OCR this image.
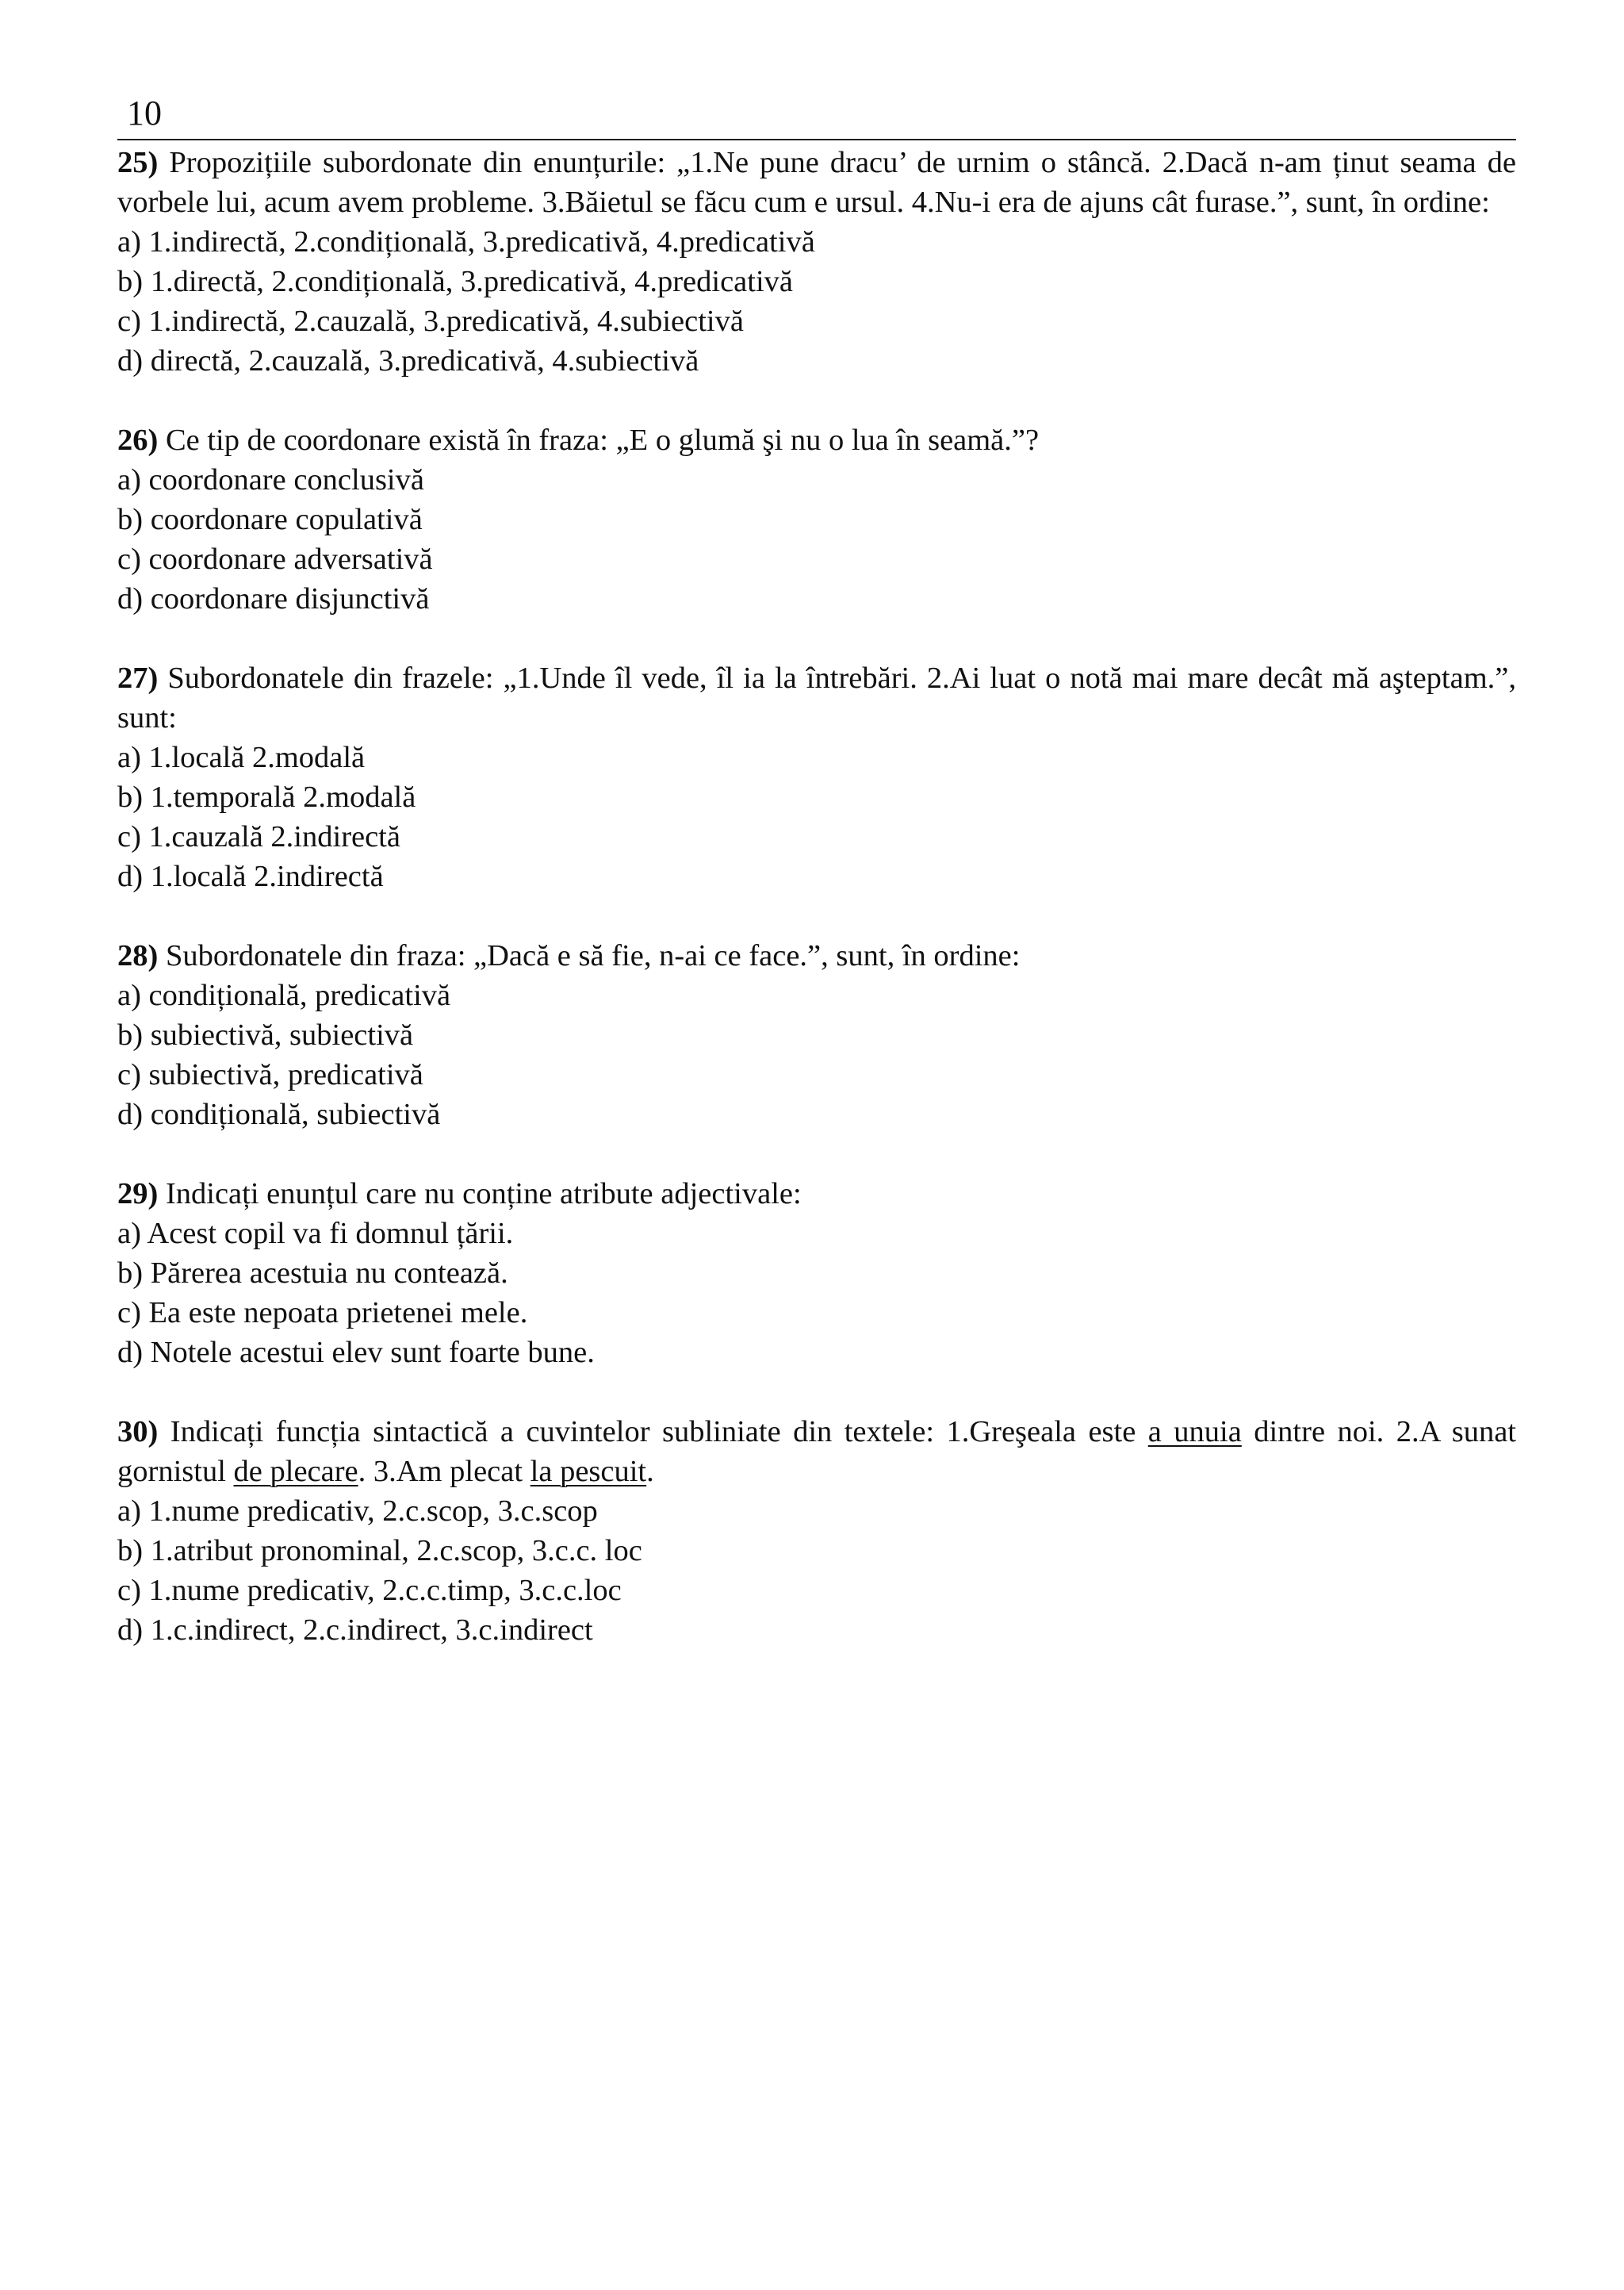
10
25) Propozițiile subordonate din enunțurile: „1.Ne pune dracu’ de urnim o stâncă. 2.Dacă n-am ținut seama de vorbele lui, acum avem probleme. 3.Băietul se făcu cum e ursul. 4.Nu-i era de ajuns cât furase.”, sunt, în ordine:
a) 1.indirectă, 2.condițională, 3.predicativă, 4.predicativă
b) 1.directă, 2.condițională, 3.predicativă, 4.predicativă
c) 1.indirectă, 2.cauzală, 3.predicativă, 4.subiectivă
d) directă, 2.cauzală, 3.predicativă, 4.subiectivă
26) Ce tip de coordonare există în fraza: „E o glumă şi nu o lua în seamă.”?
a) coordonare conclusivă
b) coordonare copulativă
c) coordonare adversativă
d) coordonare disjunctivă
27) Subordonatele din frazele: „1.Unde îl vede, îl ia la întrebări. 2.Ai luat o notă mai mare decât mă aşteptam.”, sunt:
a) 1.locală 2.modală
b) 1.temporală 2.modală
c) 1.cauzală 2.indirectă
d) 1.locală 2.indirectă
28) Subordonatele din fraza: „Dacă e să fie, n-ai ce face.”, sunt, în ordine:
a) condițională, predicativă
b) subiectivă, subiectivă
c) subiectivă, predicativă
d) condițională, subiectivă
29) Indicați enunțul care nu conține atribute adjectivale:
a) Acest copil va fi domnul țării.
b) Părerea acestuia nu contează.
c) Ea este nepoata prietenei mele.
d) Notele acestui elev sunt foarte bune.
30) Indicați funcția sintactică a cuvintelor subliniate din textele: 1.Greşeala este a unuia dintre noi. 2.A sunat gornistul de plecare. 3.Am plecat la pescuit.
a) 1.nume predicativ, 2.c.scop, 3.c.scop
b) 1.atribut pronominal, 2.c.scop, 3.c.c. loc
c) 1.nume predicativ, 2.c.c.timp, 3.c.c.loc
d) 1.c.indirect, 2.c.indirect, 3.c.indirect
